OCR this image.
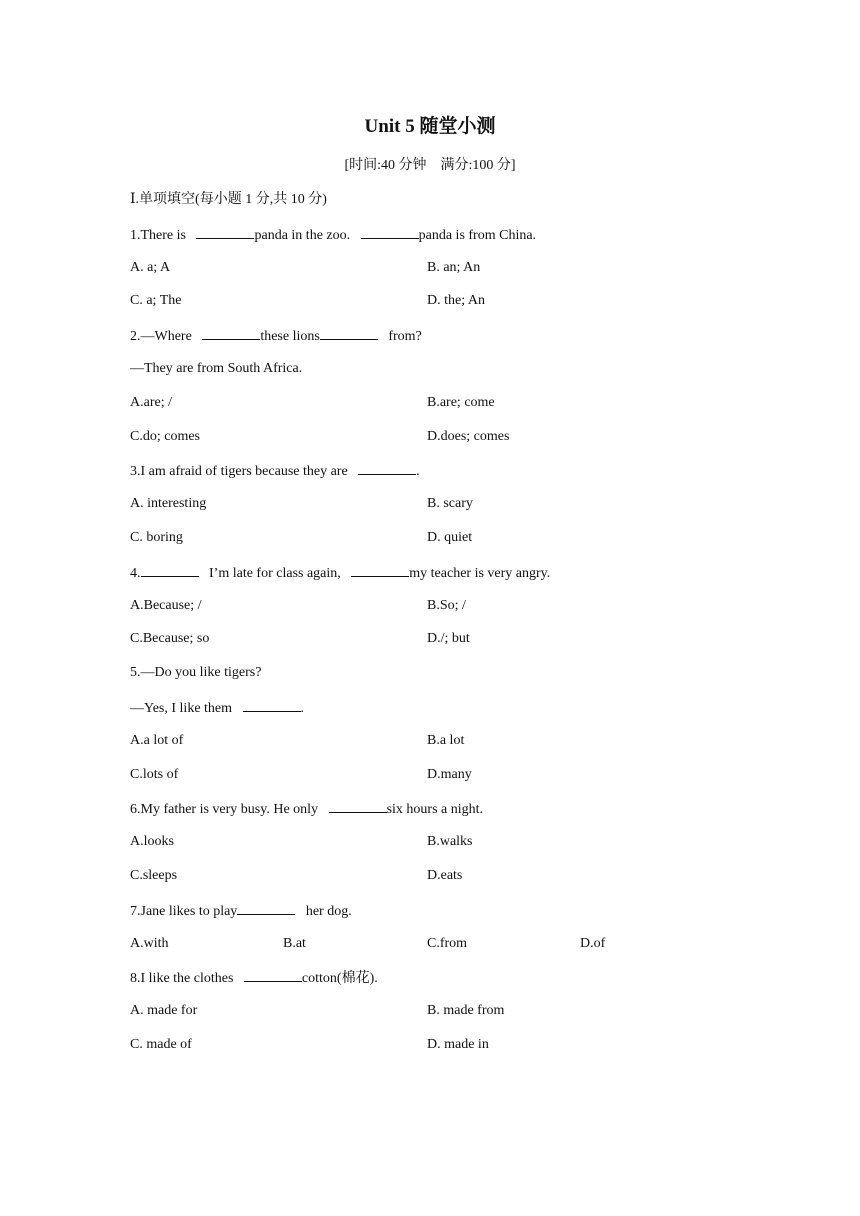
Unit 5 随堂小测
[时间:40 分钟　满分:100 分]
Ⅰ.单项填空(每小题 1 分,共 10 分)
1.There is	panda in the zoo.	panda is from China.
A. a; A	B. an; An
C. a; The	D. the; An
2.—Where	these lions	from?
—They are from South Africa.
A.are; /	B.are; come
C.do; comes	D.does; comes
3.I am afraid of tigers because they are	.
A. interesting	B. scary
C. boring	D. quiet
4.	I’m late for class again,	my teacher is very angry.
A.Because; /	B.So; /
C.Because; so	D./; but
5.—Do you like tigers?
—Yes, I like them	.
A.a lot of	B.a lot
C.lots of	D.many
6.My father is very busy. He only	six hours a night.
A.looks	B.walks
C.sleeps	D.eats
7.Jane likes to play	her dog.
A.with	B.at	C.from	D.of
8.I like the clothes	cotton(棉花).
A. made for	B. made from
C. made of	D. made in
